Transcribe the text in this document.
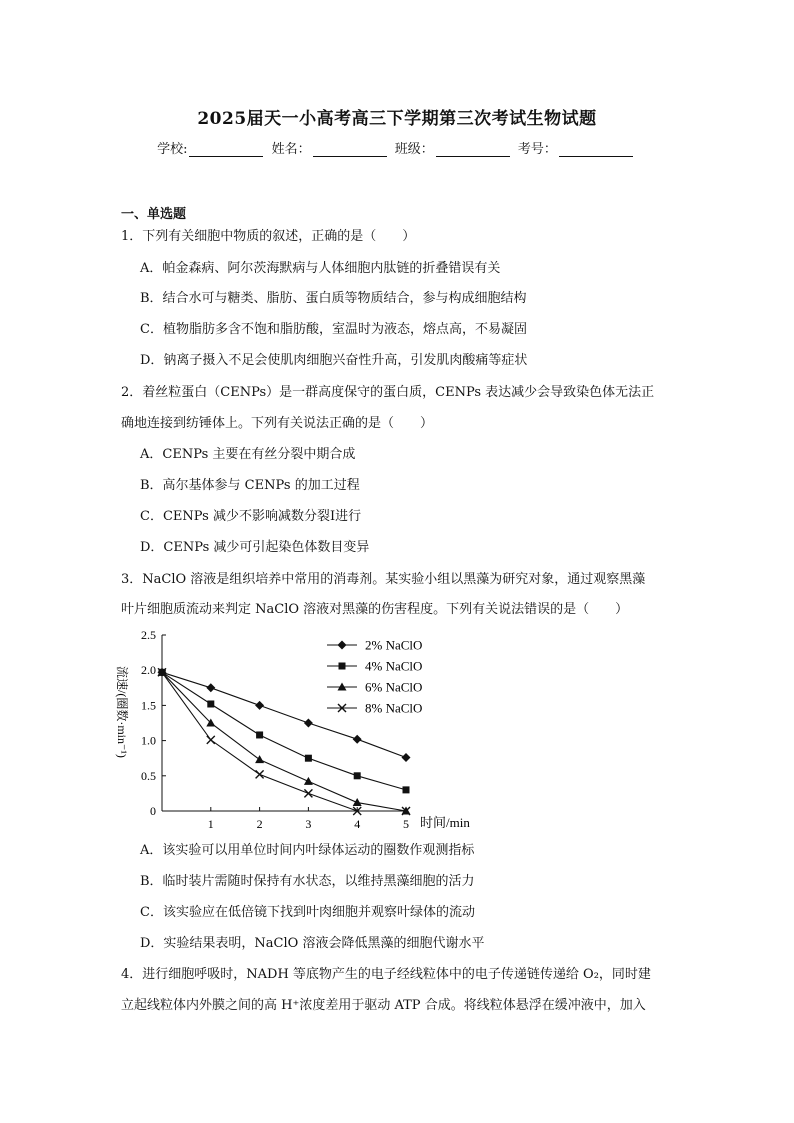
2025届天一小高考高三下学期第三次考试生物试题
学校:	姓名：	班级：	考号：
一、单选题
1．下列有关细胞中物质的叙述，正确的是（　　）
A．帕金森病、阿尔茨海默病与人体细胞内肽链的折叠错误有关
B．结合水可与糖类、脂肪、蛋白质等物质结合，参与构成细胞结构
C．植物脂肪多含不饱和脂肪酸，室温时为液态，熔点高，不易凝固
D．钠离子摄入不足会使肌肉细胞兴奋性升高，引发肌肉酸痛等症状
2．着丝粒蛋白（CENPs）是一群高度保守的蛋白质，CENPs 表达减少会导致染色体无法正
确地连接到纺锤体上。下列有关说法正确的是（　　）
A．CENPs 主要在有丝分裂中期合成
B．高尔基体参与 CENPs 的加工过程
C．CENPs 减少不影响减数分裂Ⅰ进行
D．CENPs 减少可引起染色体数目变异
3．NaClO 溶液是组织培养中常用的消毒剂。某实验小组以黑藻为研究对象，通过观察黑藻
叶片细胞质流动来判定 NaClO 溶液对黑藻的伤害程度。下列有关说法错误的是（　　）
0
0.5
1.0
1.5
2.0
2.5
1	2	3	4	5
2% NaClO
4% NaClO
6% NaClO
8% NaClO
时间/min
流速/(圈数·min⁻¹)
A．该实验可以用单位时间内叶绿体运动的圈数作观测指标
B．临时装片需随时保持有水状态，以维持黑藻细胞的活力
C．该实验应在低倍镜下找到叶肉细胞并观察叶绿体的流动
D．实验结果表明，NaClO 溶液会降低黑藻的细胞代谢水平
4．进行细胞呼吸时，NADH 等底物产生的电子经线粒体中的电子传递链传递给 O₂，同时建
立起线粒体内外膜之间的高 H⁺浓度差用于驱动 ATP 合成。将线粒体悬浮在缓冲液中，加入
